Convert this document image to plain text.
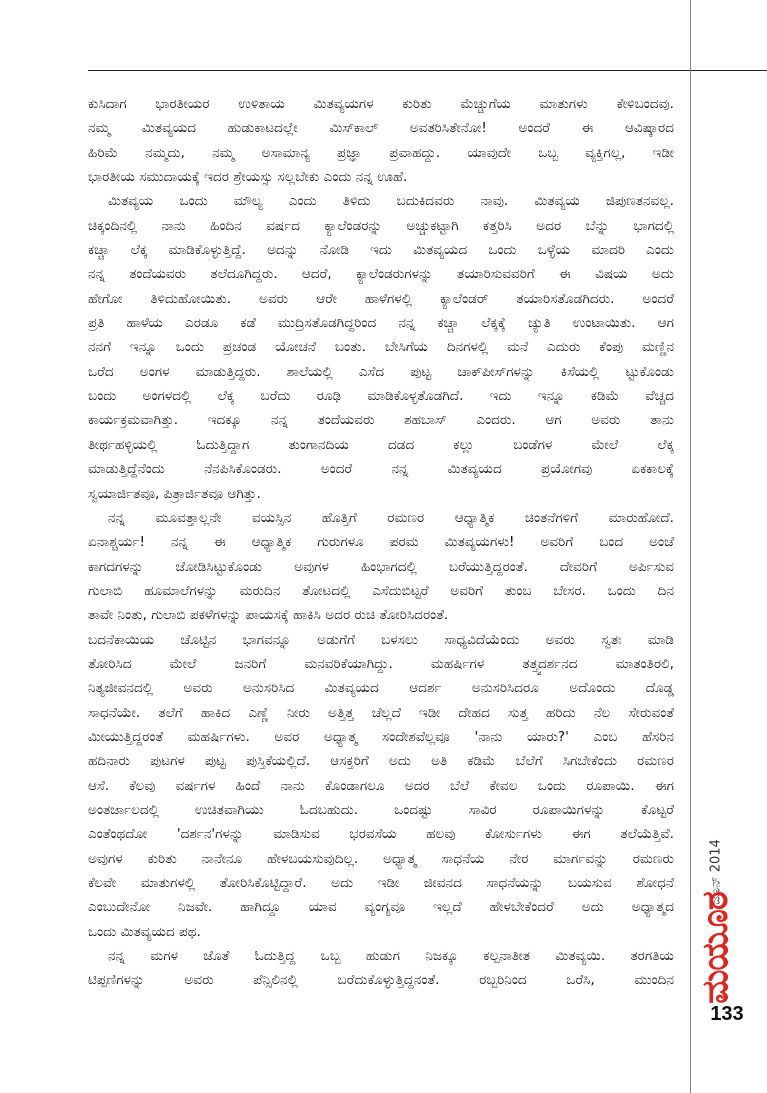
ಕುಸಿದಾಗ ಭಾರತೀಯರ ಉಳಿತಾಯ ಮಿತವ್ಯಯಗಳ ಕುರಿತು ಮೆಚ್ಚುಗೆಯ ಮಾತುಗಳು ಕೇಳಿಬಂದವು.
ನಮ್ಮ ಮಿತವ್ಯಯದ ಹುಡುಕಾಟದಲ್ಲೇ ಮಿಸ್‌ಕಾಲ್ ಅವತರಿಸಿತೇನೋ! ಅಂದರೆ ಈ ಆವಿಷ್ಕಾರದ
ಹಿರಿಮೆ ನಮ್ಮದು, ನಮ್ಮ ಅಸಾಮಾನ್ಯ ಪ್ರಜ್ಞಾ ಪ್ರವಾಹದ್ದು. ಯಾವುದೇ ಒಬ್ಬ ವ್ಯಕ್ತಿಗಲ್ಲ, ಇಡೀ
ಭಾರತೀಯ ಸಮುದಾಯಕ್ಕೆ ಇದರ ಶ್ರೇಯಸ್ಸು ಸಲ್ಲಬೇಕು ಎಂದು ನನ್ನ ಊಹೆ.
ಮಿತವ್ಯಯ ಒಂದು ಮೌಲ್ಯ ಎಂದು ತಿಳಿದು ಬದುಕಿದವರು ನಾವು. ಮಿತವ್ಯಯ ಜಿಪುಣತನವಲ್ಲ.
ಚಿಕ್ಕಂದಿನಲ್ಲಿ ನಾನು ಹಿಂದಿನ ವರ್ಷದ ಕ್ಯಾಲೆಂಡರನ್ನು ಅಚ್ಚುಕಟ್ಟಾಗಿ ಕತ್ತರಿಸಿ ಅದರ ಬೆನ್ನು ಭಾಗದಲ್ಲಿ
ಕಚ್ಚಾ ಲೆಕ್ಕ ಮಾಡಿಕೊಳ್ಳುತ್ತಿದ್ದೆ. ಅದನ್ನು ನೋಡಿ ಇದು ಮಿತವ್ಯಯದ ಒಂದು ಒಳ್ಳೆಯ ಮಾದರಿ ಎಂದು
ನನ್ನ ತಂದೆಯವರು ತಲೆದೂಗಿದ್ದರು. ಆದರೆ, ಕ್ಯಾಲೆಂಡರುಗಳನ್ನು ತಯಾರಿಸುವವರಿಗೆ ಈ ವಿಷಯ ಅದು
ಹೇಗೋ ತಿಳಿದುಹೋಯಿತು. ಅವರು ಆರೇ ಹಾಳೆಗಳಲ್ಲಿ ಕ್ಯಾಲೆಂಡರ್ ತಯಾರಿಸತೊಡಗಿದರು. ಅಂದರೆ
ಪ್ರತಿ ಹಾಳೆಯ ಎರಡೂ ಕಡೆ ಮುದ್ರಿಸತೊಡಗಿದ್ದರಿಂದ ನನ್ನ ಕಚ್ಚಾ ಲೆಕ್ಕಕ್ಕೆ ಚ್ಯುತಿ ಉಂಟಾಯಿತು. ಆಗ
ನನಗೆ ಇನ್ನೂ ಒಂದು ಪ್ರಚಂಡ ಯೋಚನೆ ಬಂತು. ಬೇಸಿಗೆಯ ದಿನಗಳಲ್ಲಿ ಮನೆ ಎದುರು ಕೆಂಪು ಮಣ್ಣಿನ
ಒರೆದ ಅಂಗಳ ಮಾಡುತ್ತಿದ್ದರು. ಶಾಲೆಯಲ್ಲಿ ಎಸೆದ ಪುಟ್ಟ ಚಾಕ್‌ಪೀಸ್‌ಗಳನ್ನು ಕಿಸೆಯಲ್ಲಿ ಟ್ಟುಕೊಂಡು
ಬಂದು ಅಂಗಳದಲ್ಲಿ ಲೆಕ್ಕ ಬರೆದು ರೂಢಿ ಮಾಡಿಕೊಳ್ಳತೊಡಗಿದೆ. ಇದು ಇನ್ನೂ ಕಡಿಮೆ ವೆಚ್ಚದ
ಕಾರ್ಯಕ್ರಮವಾಗಿತ್ತು. ಇದಕ್ಕೂ ನನ್ನ ತಂದೆಯವರು ಶಹಬಾಸ್ ಎಂದರು. ಆಗ ಅವರು ತಾನು
ತೀರ್ಥಹಳ್ಳಿಯಲ್ಲಿ ಓದುತ್ತಿದ್ದಾಗ ತುಂಗಾನದಿಯ ದಡದ ಕಲ್ಲು ಬಂಡೆಗಳ ಮೇಲೆ ಲೆಕ್ಕ
ಮಾಡುತ್ತಿದ್ದೆನೆಂದು ನೆನಪಿಸಿಕೊಂಡರು. ಅಂದರೆ ನನ್ನ ಮಿತವ್ಯಯದ ಪ್ರಯೋಗವು ಏಕಕಾಲಕ್ಕೆ
ಸ್ವಯಾರ್ಜಿತವೂ, ಪಿತ್ರಾರ್ಜಿತವೂ ಆಗಿತ್ತು.
ನನ್ನ ಮೂವತ್ತಾಲ್ಲನೇ ವಯಸ್ಸಿನ ಹೊತ್ತಿಗೆ ರಮಣರ ಆಧ್ಯಾತ್ಮಿಕ ಚಿಂತನೆಗಳಿಗೆ ಮಾರುಹೋದೆ.
ಏನಾಶ್ಚರ್ಯ! ನನ್ನ ಈ ಆಧ್ಯಾತ್ಮಿಕ ಗುರುಗಳೂ ಪರಮ ಮಿತವ್ಯಯಗಳು! ಅವರಿಗೆ ಬಂದ ಅಂಚೆ
ಕಾಗದಗಳನ್ನು ಜೋಡಿಸಿಟ್ಟುಕೊಂಡು ಅವುಗಳ ಹಿಂಭಾಗದಲ್ಲಿ ಬರೆಯುತ್ತಿದ್ದರಂತೆ. ದೇವರಿಗೆ ಅರ್ಪಿಸುವ
ಗುಲಾಬಿ ಹೂಮಾಲೆಗಳನ್ನು ಮರುದಿನ ತೋಟದಲ್ಲಿ ಎಸೆದುಬಿಟ್ಟರೆ ಅವರಿಗೆ ತುಂಬ ಬೇಸರ. ಒಂದು ದಿನ
ತಾವೇ ನಿಂತು, ಗುಲಾಬಿ ಪಕಳೆಗಳನ್ನು ಪಾಯಸಕ್ಕೆ ಹಾಕಿಸಿ ಅದರ ರುಚಿ ತೋರಿಸಿದರಂತೆ.
ಬದನೆಕಾಯಿಯ ಚೊಟ್ಟಿನ ಭಾಗವನ್ನೂ ಅಡುಗೆಗೆ ಬಳಸಲು ಸಾಧ್ಯವಿದೆಯೆಂದು ಅವರು ಸ್ವತಃ ಮಾಡಿ
ತೋರಿಸಿದ ಮೇಲೆ ಜನರಿಗೆ ಮನವರಿಕೆಯಾಗಿದ್ದು. ಮಹರ್ಷಿಗಳ ತತ್ತ್ವದರ್ಶನದ ಮಾತಂತಿರಲಿ,
ನಿತ್ಯಜೀವನದಲ್ಲಿ ಅವರು ಅನುಸರಿಸಿದ ಮಿತವ್ಯಯದ ಆದರ್ಶ ಅನುಸರಿಸಿದರೂ ಅದೊಂದು ದೊಡ್ಡ
ಸಾಧನೆಯೇ. ತಲೆಗೆ ಹಾಕಿದ ಎಣ್ಣೆ ನೀರು ಅತ್ತಿತ್ತ ಚೆಲ್ಲದೆ ಇಡೀ ದೇಹದ ಸುತ್ತ ಹರಿದು ನೆಲ ಸೇರುವಂತೆ
ಮೀಯುತ್ತಿದ್ದರಂತೆ ಮಹರ್ಷಿಗಳು. ಅವರ ಅಧ್ಯಾತ್ಮ ಸಂದೇಶವೆಲ್ಲವೂ 'ನಾನು ಯಾರು?' ಎಂಬ ಹೆಸರಿನ
ಹದಿನಾರು ಪುಟಗಳ ಪುಟ್ಟ ಪುಸ್ತಿಕೆಯಲ್ಲಿದೆ. ಆಸಕ್ತರಿಗೆ ಅದು ಅತಿ ಕಡಿಮೆ ಬೆಲೆಗೆ ಸಿಗಬೇಕೆಂದು ರಮಣರ
ಆಸೆ. ಕೆಲವು ವರ್ಷಗಳ ಹಿಂದೆ ನಾನು ಕೊಂಡಾಗಲೂ ಅದರ ಬೆಲೆ ಕೇವಲ ಒಂದು ರೂಪಾಯಿ. ಈಗ
ಅಂತರ್ಜಾಲದಲ್ಲಿ ಉಚಿತವಾಗಿಯು ಓದಬಹುದು. ಒಂದಷ್ಟು ಸಾವಿರ ರೂಪಾಯಿಗಳನ್ನು ಕೊಟ್ಟರೆ
ಎಂತೆಂಥದೋ 'ದರ್ಶನ'ಗಳನ್ನು ಮಾಡಿಸುವ ಭರವಸೆಯ ಹಲವು ಕೋರ್ಸುಗಳು ಈಗ ತಲೆಯೆತ್ತಿವೆ.
ಅವುಗಳ ಕುರಿತು ನಾನೇನೂ ಹೇಳಬಯಸುವುದಿಲ್ಲ. ಅಧ್ಯಾತ್ಮ ಸಾಧನೆಯ ನೇರ ಮಾರ್ಗವನ್ನು ರಮಣರು
ಕೆಲವೇ ಮಾತುಗಳಲ್ಲಿ ತೋರಿಸಿಕೊಟ್ಟಿದ್ದಾರೆ. ಅದು ಇಡೀ ಜೀವನದ ಸಾಧನೆಯನ್ನು ಬಯಸುವ ಶೋಧನೆ
ಎಂಬುದೇನೋ ನಿಜವೇ. ಹಾಗಿದ್ದೂ ಯಾವ ವ್ಯಂಗ್ಯವೂ ಇಲ್ಲದೆ ಹೇಳಬೇಕೆಂದರೆ ಅದು ಅಧ್ಯಾತ್ಮದ
ಒಂದು ಮಿತವ್ಯಯದ ಪಥ.
ನನ್ನ ಮಗಳ ಜೊತೆ ಓದುತ್ತಿದ್ದ ಒಬ್ಬ ಹುಡುಗ ನಿಜಕ್ಕೂ ಕಲ್ಪನಾತೀತ ಮಿತವ್ಯಯಿ. ತರಗತಿಯ
ಟಿಪ್ಪಣಿಗಳನ್ನು ಅವರು ಪೆನ್ಸಿಲಿನಲ್ಲಿ ಬರೆದುಕೊಳ್ಳುತ್ತಿದ್ದನಂತೆ. ರಬ್ಬರಿನಿಂದ ಒರೆಸಿ, ಮುಂದಿನ
ಜೂನ್ 2014
ಮಯೂರ
133
